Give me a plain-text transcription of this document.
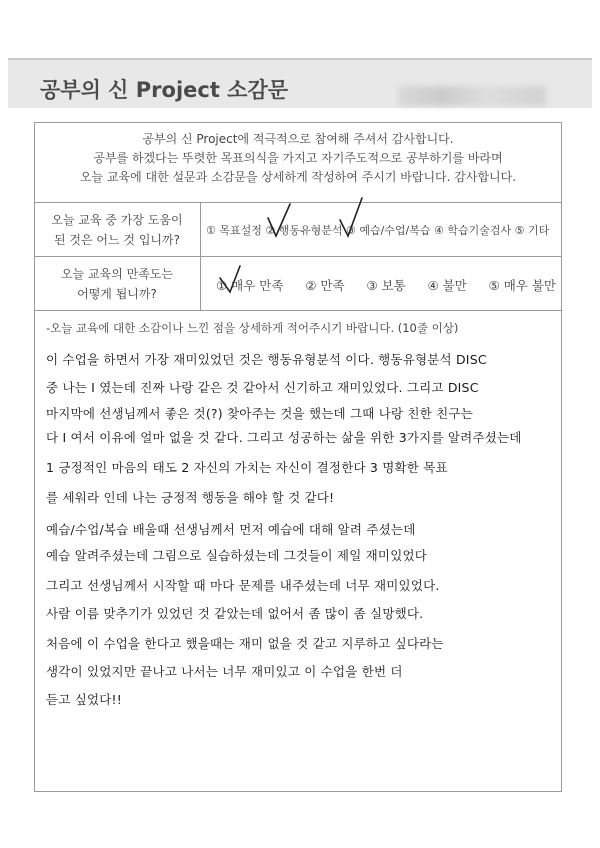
공부의 신 Project 소감문
공부의 신 Project에 적극적으로 참여해 주셔서 감사합니다.
공부를 하겠다는 뚜렷한 목표의식을 가지고 자기주도적으로 공부하기를 바라며
오늘 교육에 대한 설문과 소감문을 상세하게 작성하여 주시기 바랍니다. 감사합니다.
오늘 교육 중 가장 도움이
된 것은 어느 것 입니까?
① 목표설정 ② 행동유형분석 ③ 예습/수업/복습 ④ 학습기술검사 ⑤ 기타
오늘 교육의 만족도는
어떻게 됩니까?
① 매우 만족 ② 만족 ③ 보통 ④ 불만 ⑤ 매우 불만
-오늘 교육에 대한 소감이나 느낀 점을 상세하게 적어주시기 바랍니다. (10줄 이상)
이 수업을 하면서 가장 재미있었던 것은 행동유형분석 이다. 행동유형분석 DISC
중 나는 I 였는데 진짜 나랑 같은 것 같아서 신기하고 재미있었다. 그리고 DISC
마지막에 선생님께서 좋은 것(?) 찾아주는 것을 했는데 그때 나랑 친한 친구는
다 I 여서 이유에 얼마 없을 것 같다. 그리고 성공하는 삶을 위한 3가지를 알려주셨는데
1 긍정적인 마음의 태도 2 자신의 가치는 자신이 결정한다 3 명확한 목표
를 세워라 인데 나는 긍정적 행동을 해야 할 것 같다!
예습/수업/복습 배울때 선생님께서 먼저 예습에 대해 알려 주셨는데
예습 알려주셨는데 그림으로 실습하셨는데 그것들이 제일 재미있었다
그리고 선생님께서 시작할 때 마다 문제를 내주셨는데 너무 재미있었다.
사람 이름 맞추기가 있었던 것 같았는데 없어서 좀 많이 좀 실망했다.
처음에 이 수업을 한다고 했을때는 재미 없을 것 같고 지루하고 싶다라는
생각이 있었지만 끝나고 나서는 너무 재미있고 이 수업을 한번 더
듣고 싶었다!!
